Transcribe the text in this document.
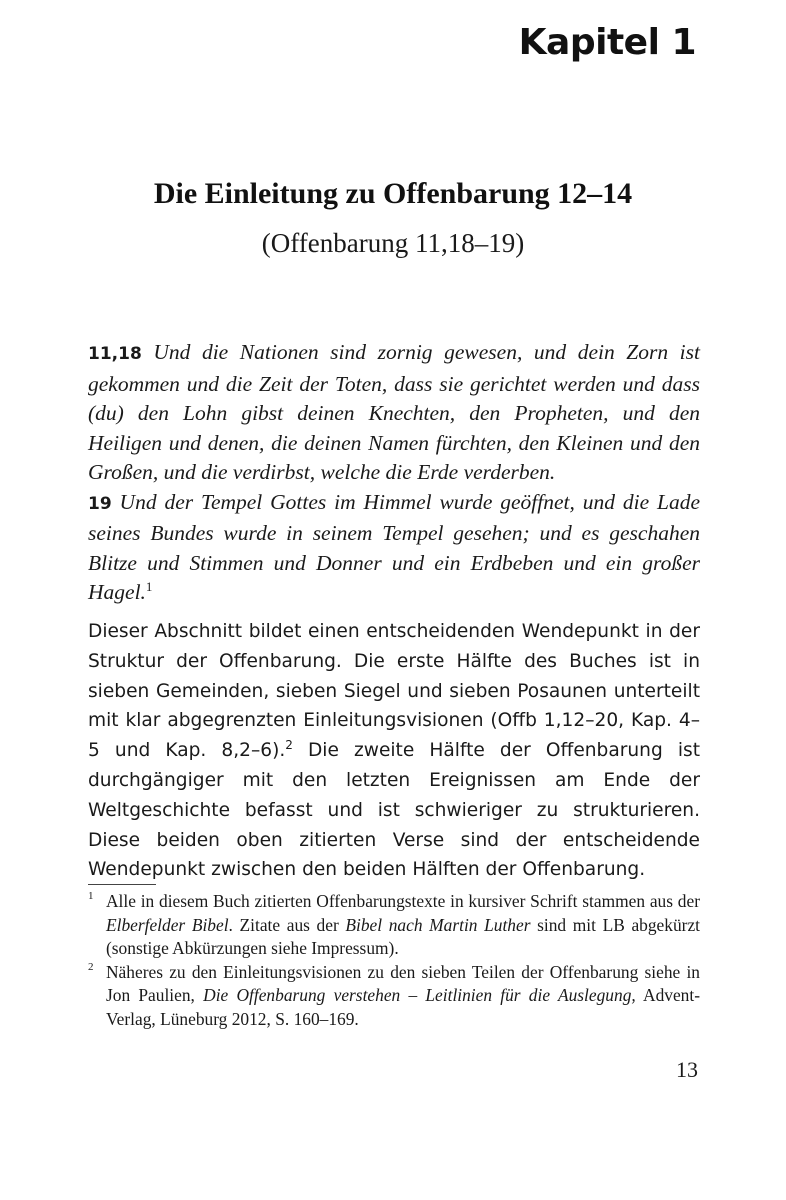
Kapitel 1
Die Einleitung zu Offenbarung 12–14
(Offenbarung 11,18–19)

11,18 Und die Nationen sind zornig gewesen, und dein Zorn ist gekommen und die Zeit der Toten, dass sie gerichtet werden und dass (du) den Lohn gibst deinen Knechten, den Propheten, und den Heiligen und denen, die deinen Namen fürchten, den Kleinen und den Großen, und die verdirbst, welche die Erde verderben.

19 Und der Tempel Gottes im Himmel wurde geöffnet, und die Lade seines Bundes wurde in seinem Tempel gesehen; und es geschahen Blitze und Stimmen und Donner und ein Erdbeben und ein großer Hagel.$^1$

Dieser Abschnitt bildet einen entscheidenden Wendepunkt in der Struktur der Offenbarung. Die erste Hälfte des Buches ist in sieben Gemeinden, sieben Siegel und sieben Posaunen unterteilt mit klar abgegrenzten Einleitungsvisionen (Offb 1,12–20, Kap. 4–5 und Kap. 8,2–6).$^2$ Die zweite Hälfte der Offenbarung ist durchgängiger mit den letzten Ereignissen am Ende der Weltgeschichte befasst und ist schwieriger zu strukturieren. Diese beiden oben zitierten Verse sind der entscheidende Wendepunkt zwischen den beiden Hälften der Offenbarung.

1 Alle in diesem Buch zitierten Offenbarungstexte in kursiver Schrift stammen aus der Elberfelder Bibel. Zitate aus der Bibel nach Martin Luther sind mit LB abgekürzt (sonstige Abkürzungen siehe Impressum).

2 Näheres zu den Einleitungsvisionen zu den sieben Teilen der Offenbarung siehe in Jon Paulien, Die Offenbarung verstehen – Leitlinien für die Auslegung, Advent-Verlag, Lüneburg 2012, S. 160–169.

13
